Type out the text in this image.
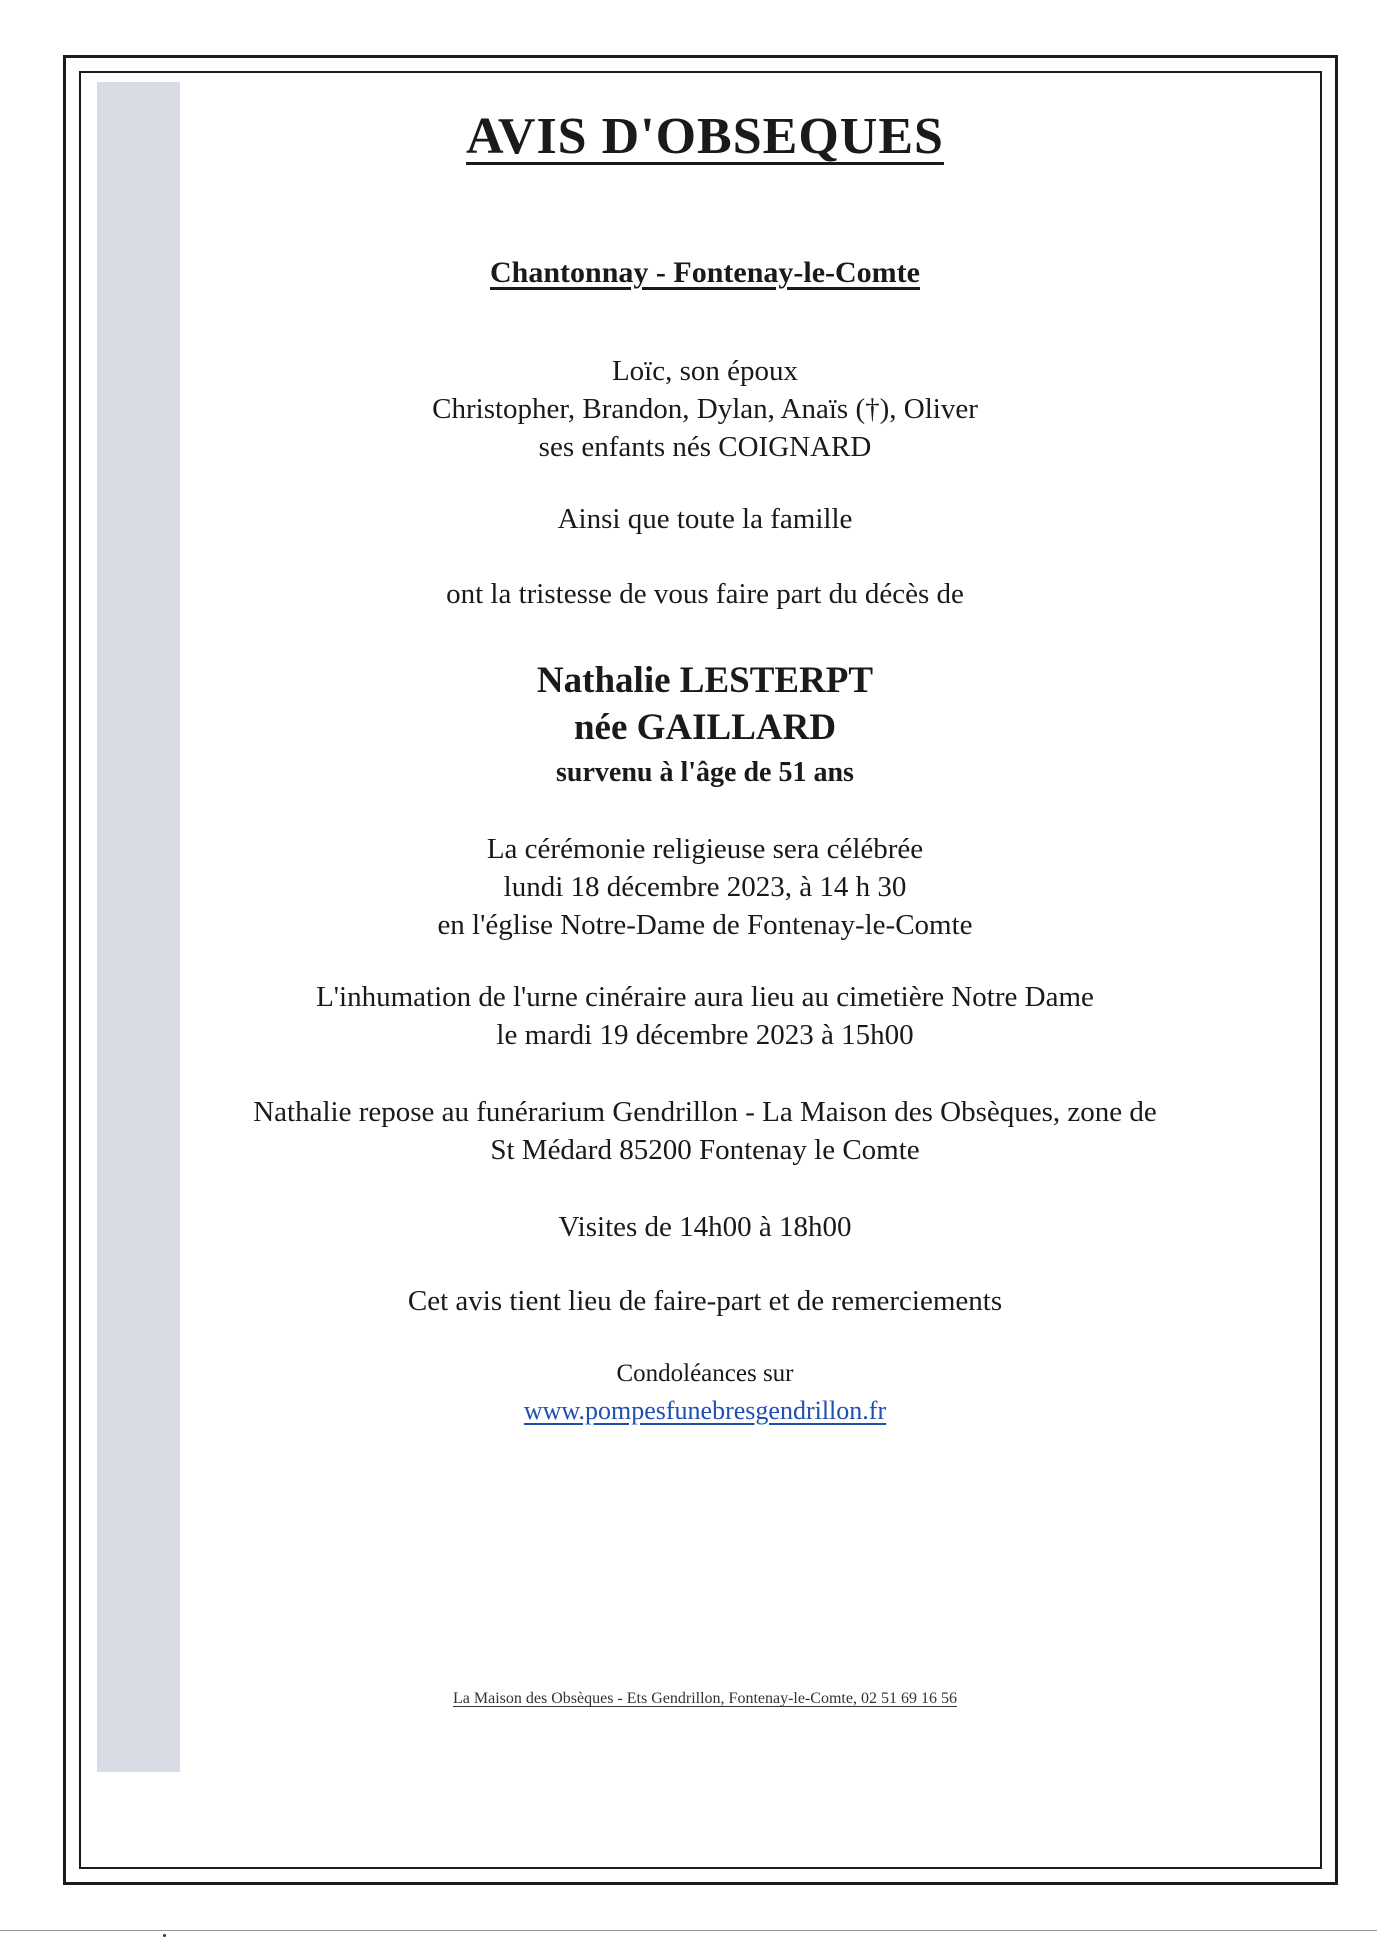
AVIS D'OBSEQUES
Chantonnay - Fontenay-le-Comte
Loïc, son époux
Christopher, Brandon, Dylan, Anaïs (†), Oliver
ses enfants nés COIGNARD
Ainsi que toute la famille
ont la tristesse de vous faire part du décès de
Nathalie LESTERPT
née GAILLARD
survenu à l'âge de 51 ans
La cérémonie religieuse sera célébrée
lundi 18 décembre 2023, à 14 h 30
en l'église Notre-Dame de Fontenay-le-Comte
L'inhumation de l'urne cinéraire aura lieu au cimetière Notre Dame
le mardi 19 décembre 2023 à 15h00
Nathalie repose au funérarium Gendrillon - La Maison des Obsèques, zone de
St Médard 85200 Fontenay le Comte
Visites de 14h00 à 18h00
Cet avis tient lieu de faire-part et de remerciements
Condoléances sur
www.pompesfunebresgendrillon.fr
La Maison des Obsèques - Ets Gendrillon, Fontenay-le-Comte, 02 51 69 16 56
